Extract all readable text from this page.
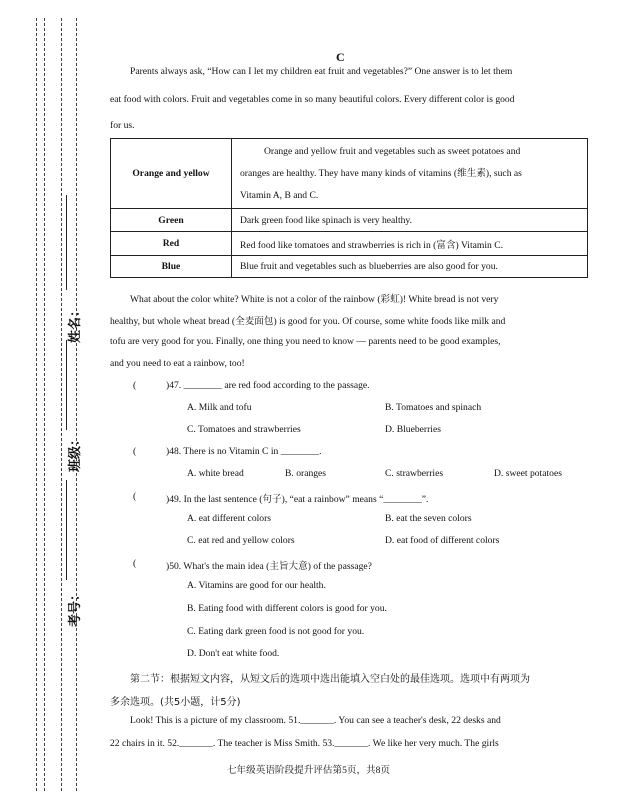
姓名：
班级：
考号：
C
Parents always ask, “How can I let my children eat fruit and vegetables?” One answer is to let them
eat food with colors. Fruit and vegetables come in so many beautiful colors. Every different color is good
for us.
Orange and yellow	Orange and yellow fruit and vegetables such as sweet potatoes and
oranges are healthy. They have many kinds of vitamins (维生素), such as
Vitamin A, B and C.

Green	Dark green food like spinach is very healthy.
Red	Red food like tomatoes and strawberries is rich in (富含) Vitamin C.
Blue	Blue fruit and vegetables such as blueberries are also good for you.
What about the color white? White is not a color of the rainbow (彩虹)! White bread is not very
healthy, but whole wheat bread (全麦面包) is good for you. Of course, some white foods like milk and
tofu are very good for you. Finally, one thing you need to know — parents need to be good examples,
and you need to eat a rainbow, too!
(	)47. ________ are red food according to the passage.
A. Milk and tofu	B. Tomatoes and spinach
C. Tomatoes and strawberries	D. Blueberries
(	)48. There is no Vitamin C in ________.
A. white bread	B. oranges	C. strawberries	D. sweet potatoes
(	)49. In the last sentence (句子), “eat a rainbow” means “________”.
A. eat different colors	B. eat the seven colors
C. eat red and yellow colors	D. eat food of different colors
(	)50. What's the main idea (主旨大意) of the passage?
A. Vitamins are good for our health.
B. Eating food with different colors is good for you.
C. Eating dark green food is not good for you.
D. Don't eat white food.
第二节：根据短文内容，从短文后的选项中选出能填入空白处的最佳选项。选项中有两项为
多余选项。(共5小题，计5分)
Look! This is a picture of my classroom. 51._______. You can see a teacher's desk, 22 desks and
22 chairs in it. 52._______. The teacher is Miss Smith. 53._______. We like her very much. The girls
七年级英语阶段提升评估第5页，共8页
